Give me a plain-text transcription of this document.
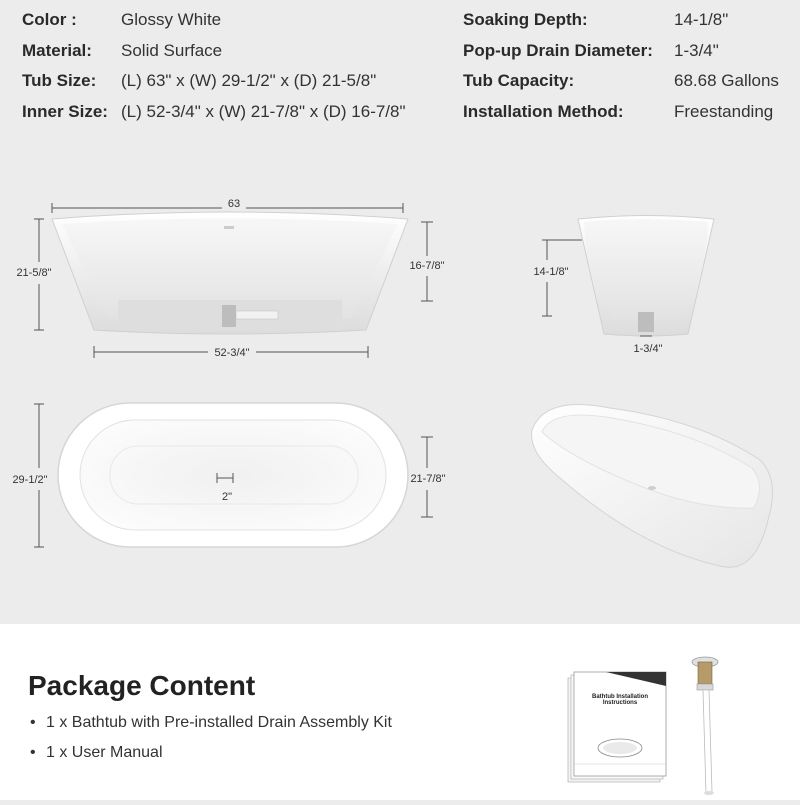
Color :	Glossy White
Material: Solid Surface
Tub Size: (L) 63" x (W) 29-1/2" x (D) 21-5/8"
Inner Size: (L) 52-3/4" x (W) 21-7/8" x (D) 16-7/8"
Soaking Depth:	14-1/8"
Pop-up Drain Diameter: 1-3/4"
Tub Capacity:	68.68 Gallons
Installation Method:	Freestanding
63
21-5/8"
16-7/8"
52-3/4"
14-1/8"
1-3/4"
29-1/2"	21-7/8"
2"
Package Content
• 1 x Bathtub with Pre-installed Drain Assembly Kit
• 1 x User Manual
Bathtub Installation Instructions
